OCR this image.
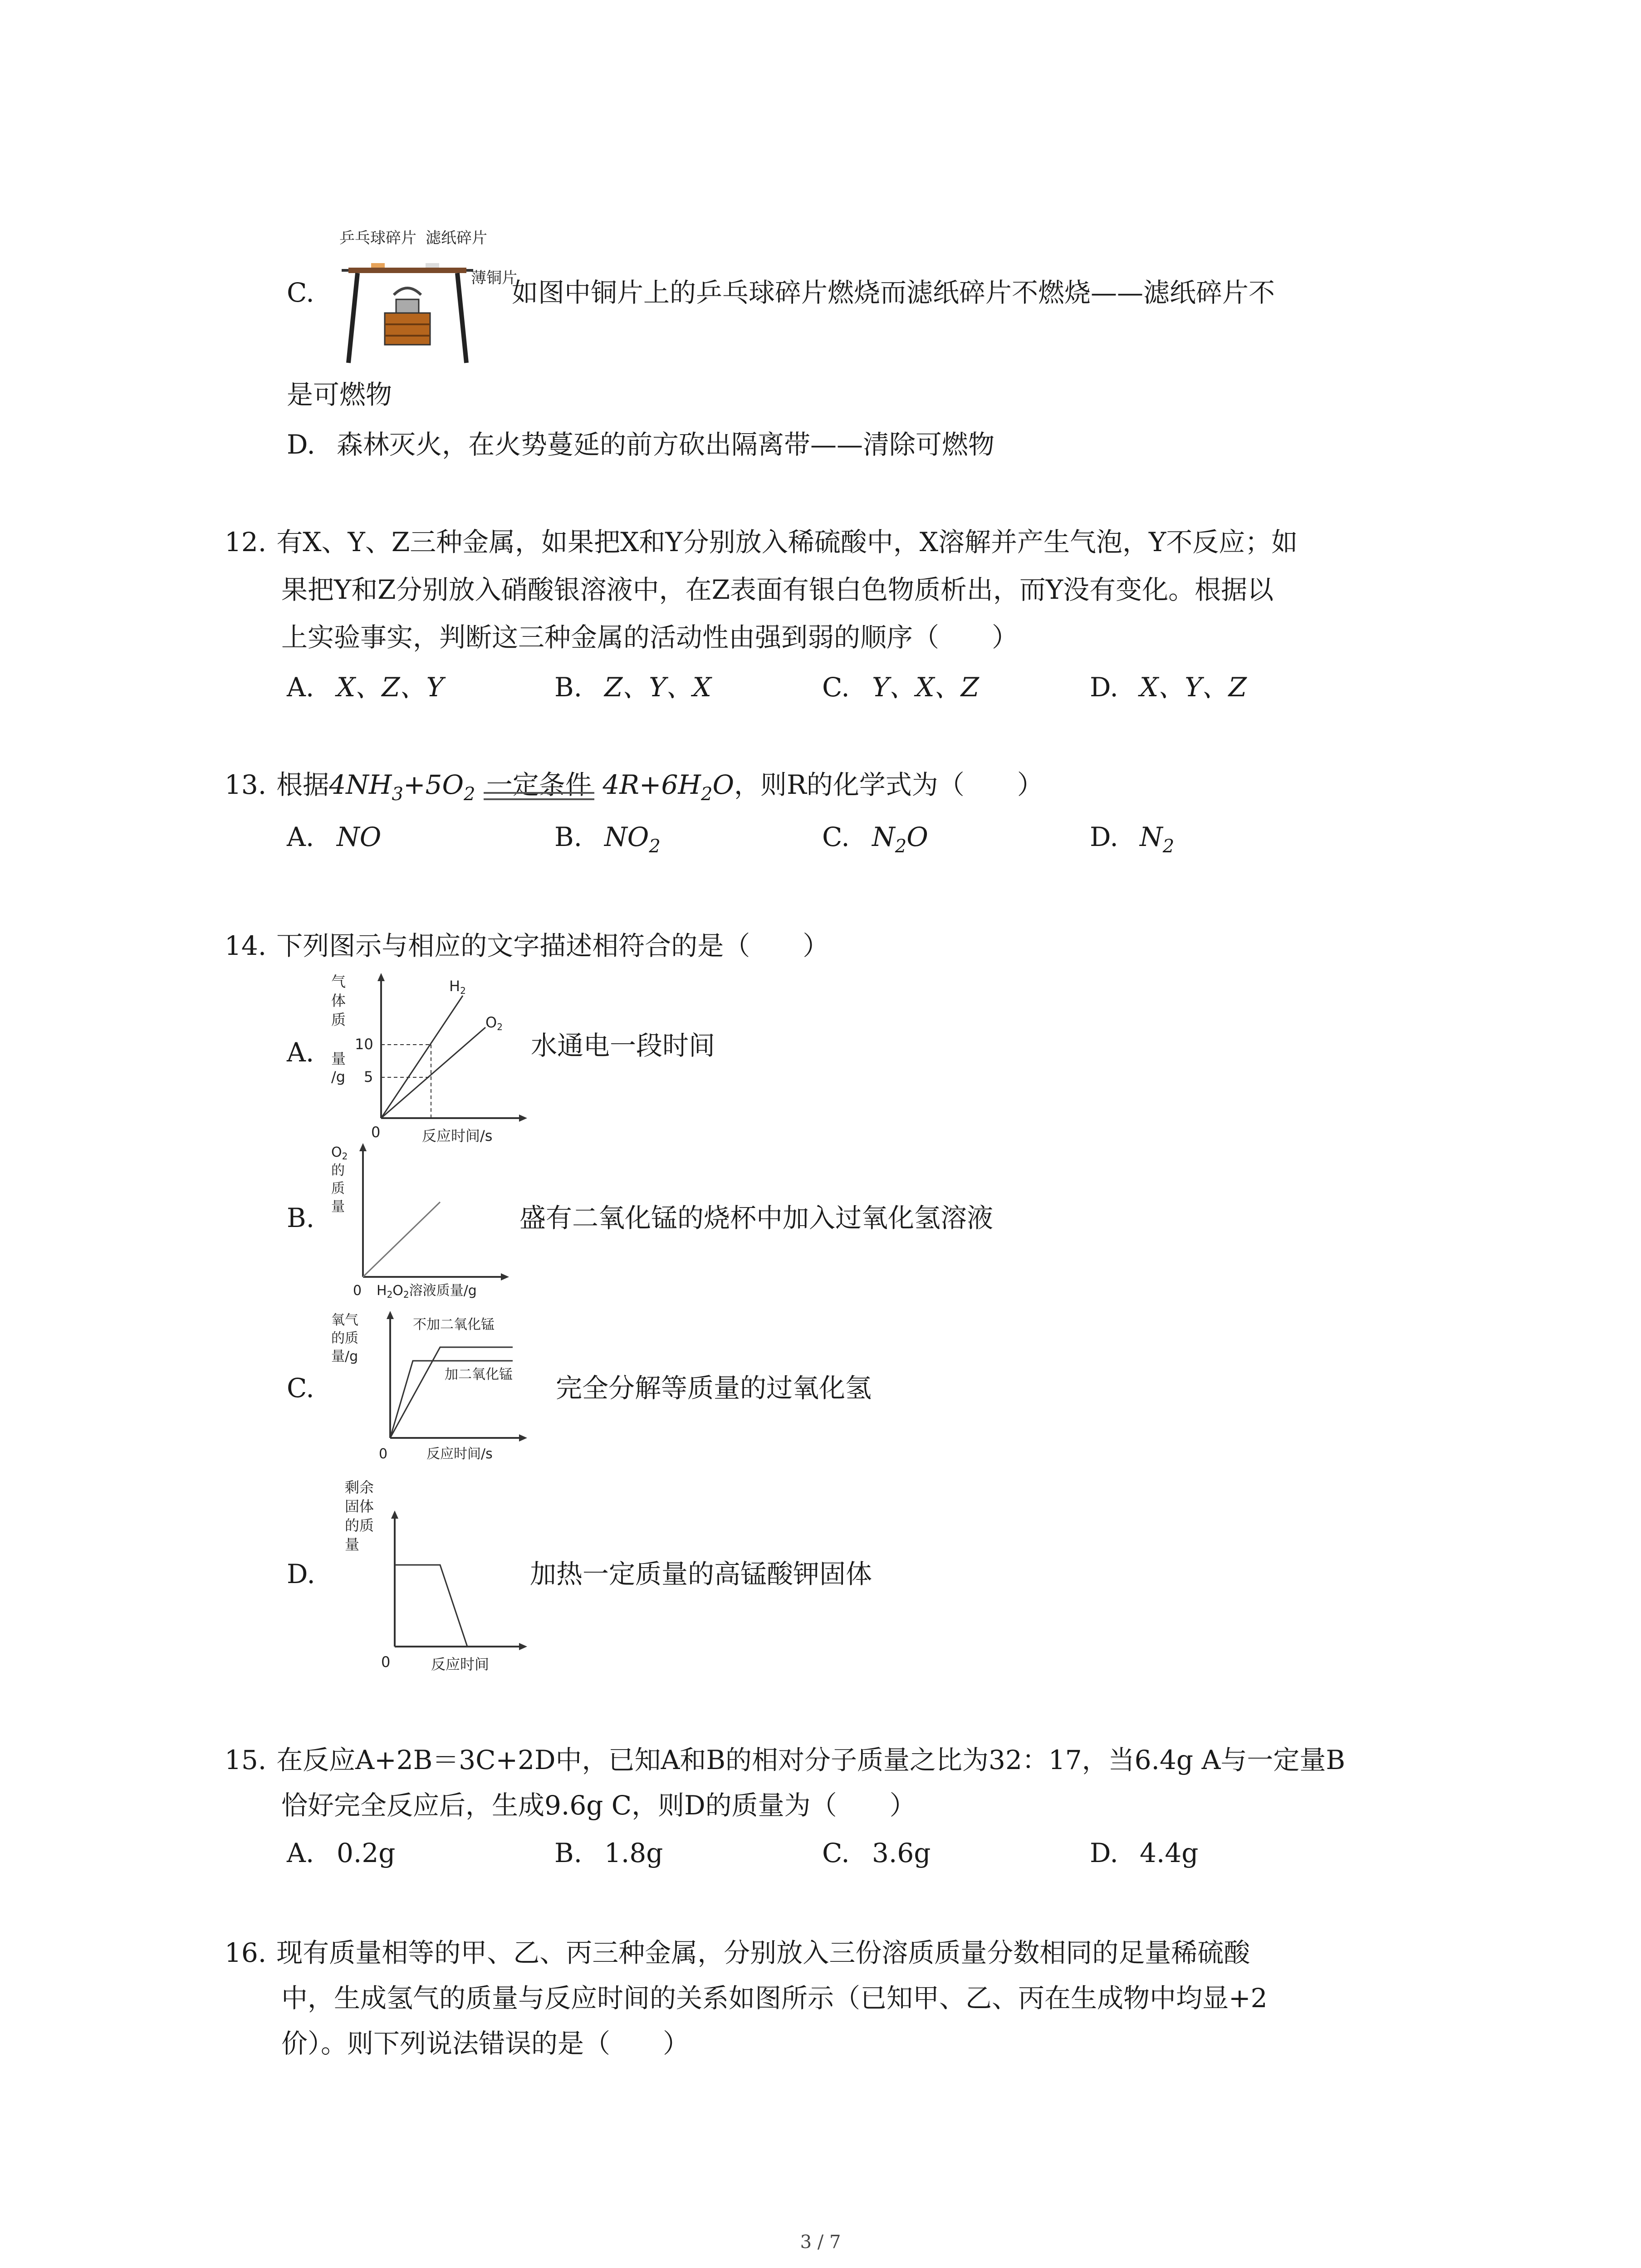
C.
乒乓球碎片 滤纸碎片
薄铜片
如图中铜片上的乒乓球碎片燃烧而滤纸碎片不燃烧——滤纸碎片不
是可燃物
D. 森林灭火，在火势蔓延的前方砍出隔离带——清除可燃物
12. 有X、Y、Z三种金属，如果把X和Y分别放入稀硫酸中，X溶解并产生气泡，Y不反应；如
果把Y和Z分别放入硝酸银溶液中，在Z表面有银白色物质析出，而Y没有变化。根据以
上实验事实，判断这三种金属的活动性由强到弱的顺序（　　）
A. X、Z、Y	B. Z、Y、X	C. Y、X、Z	D. X、Y、Z
13. 根据$4NH_3+5O_2$ 一定条件 $4R+6H_2O$，则R的化学式为（　　）
A. NO	B. $NO_2$	C. $N_2O$	D. $N_2$
14. 下列图示与相应的文字描述相符合的是（　　）
A.
气
体
质
量
/g
10
5
0
H2
O2
反应时间/s
水通电一段时间
B.
$O_2$
的
质
量
0 $H_2O_2$溶液质量/g
盛有二氧化锰的烧杯中加入过氧化氢溶液
C.
氧气
的质
量/g
不加二氧化锰
加二氧化锰
0	反应时间/s
完全分解等质量的过氧化氢
D.
剩余
固体
的质
量
0	反应时间
加热一定质量的高锰酸钾固体
15. 在反应A+2B＝3C+2D中，已知A和B的相对分子质量之比为32：17，当6.4g A与一定量B
恰好完全反应后，生成9.6g C，则D的质量为（　　）
A. 0.2g	B. 1.8g	C. 3.6g	D. 4.4g
16. 现有质量相等的甲、乙、丙三种金属，分别放入三份溶质质量分数相同的足量稀硫酸
中，生成氢气的质量与反应时间的关系如图所示（已知甲、乙、丙在生成物中均显+2
价）。则下列说法错误的是（　　）
3 / 7
